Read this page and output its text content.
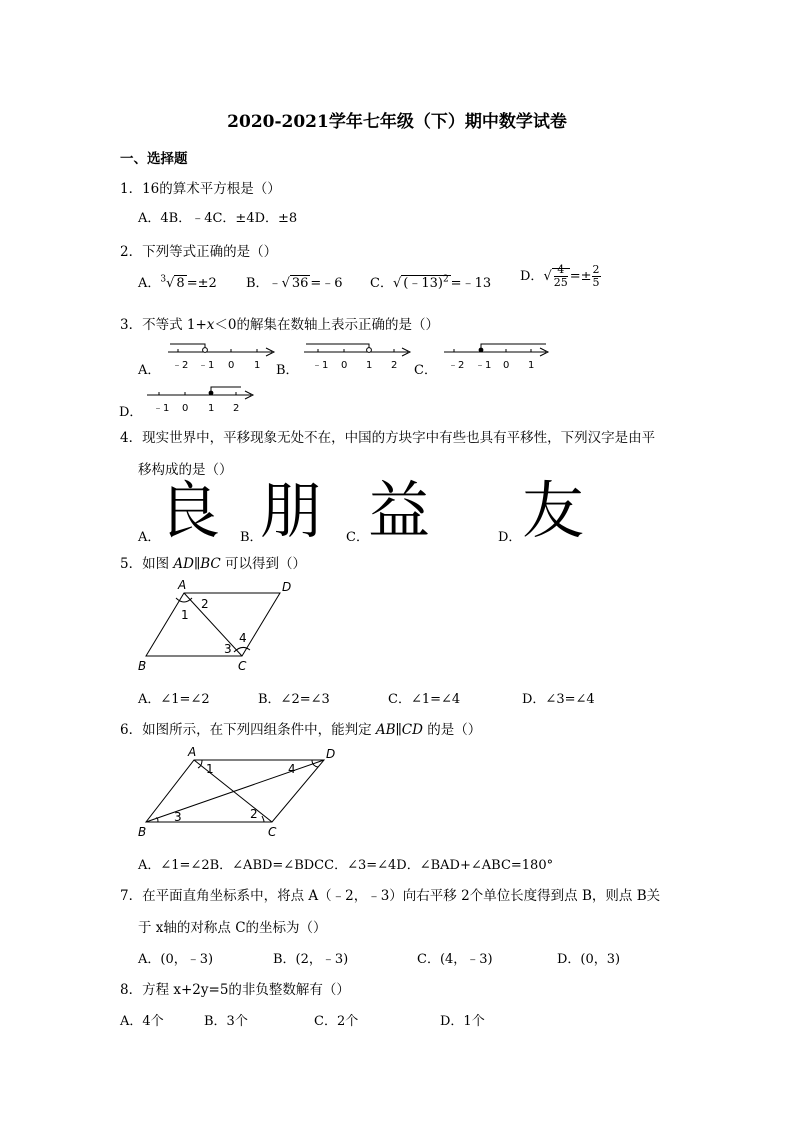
2020-2021学年七年级（下）期中数学试卷
一、选择题
1．16的算术平方根是（）
A．4B．﹣4C．±4D．±8
2．下列等式正确的是（）
A．$^3$√ 8 =±2 B．﹣√ 36 =﹣6 C．√ (﹣13)$^2$ =﹣13 D．√ $\frac{4}{25} =\pm \frac{2}{5}$
3．不等式 1+x＜0的解集在数轴上表示正确的是（）
A．	B．	C．
D．
﹣2 ﹣1 0 1	﹣1 0 1 2	﹣2 ﹣1 0 1
﹣1 0 1 2
4．现实世界中，平移现象无处不在，中国的方块字中有些也具有平移性，下列汉字是由平
移构成的是（）
A．
良 B．
朋 C． 益	D． 友
5．如图 AD∥BC 可以得到（）
A	D
B	C
1
2
3
4
A．∠1=∠2	B．∠2=∠3	C．∠1=∠4	D．∠3=∠4
6．如图所示，在下列四组条件中，能判定 AB∥CD 的是（）
A	D
B	C
1
2
3
4
A．∠1=∠2B．∠ABD=∠BDCC．∠3=∠4D．∠BAD+∠ABC=180°
7．在平面直角坐标系中，将点 A（﹣2，﹣3）向右平移 2个单位长度得到点 B，则点 B关
于 x轴的对称点 C的坐标为（）
A．(0，﹣3)	B．(2，﹣3)	C．(4，﹣3)	D．(0，3)
8．方程 x+2y=5的非负整数解有（）
A．4个	B．3个	C．2个	D．1个
